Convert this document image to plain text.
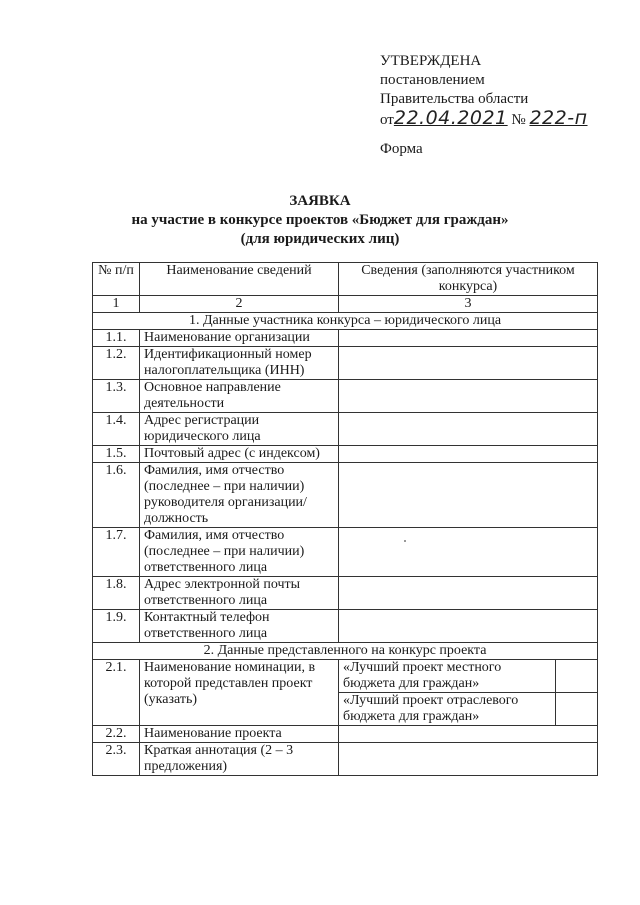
УТВЕРЖДЕНА
постановлением
Правительства области
от22.04.2021 № 222-п
Форма
ЗАЯВКА
на участие в конкурсе проектов «Бюджет для граждан»
(для юридических лиц)
№ п/п	Наименование сведений	Сведения (заполняются участником конкурса)
1	2	3
1. Данные участника конкурса – юридического лица
1.1.	Наименование организации	
1.2.	Идентификационный номер налогоплательщика (ИНН)	
1.3.	Основное направление деятельности	
1.4.	Адрес регистрации юридического лица	
1.5.	Почтовый адрес (с индексом)	
1.6.	Фамилия, имя отчество (последнее – при наличии) руководителя организации/ должность	
1.7.	Фамилия, имя отчество (последнее – при наличии) ответственного лица	
1.8.	Адрес электронной почты ответственного лица	
1.9.	Контактный телефон ответственного лица	
2. Данные представленного на конкурс проекта
2.1.	Наименование номинации, в которой представлен проект (указать)	
«Лучший проект местного бюджета для граждан»	
«Лучший проект отраслевого бюджета для граждан»	

2.2.	Наименование проекта	
2.3.	Краткая аннотация (2 – 3 предложения)	
